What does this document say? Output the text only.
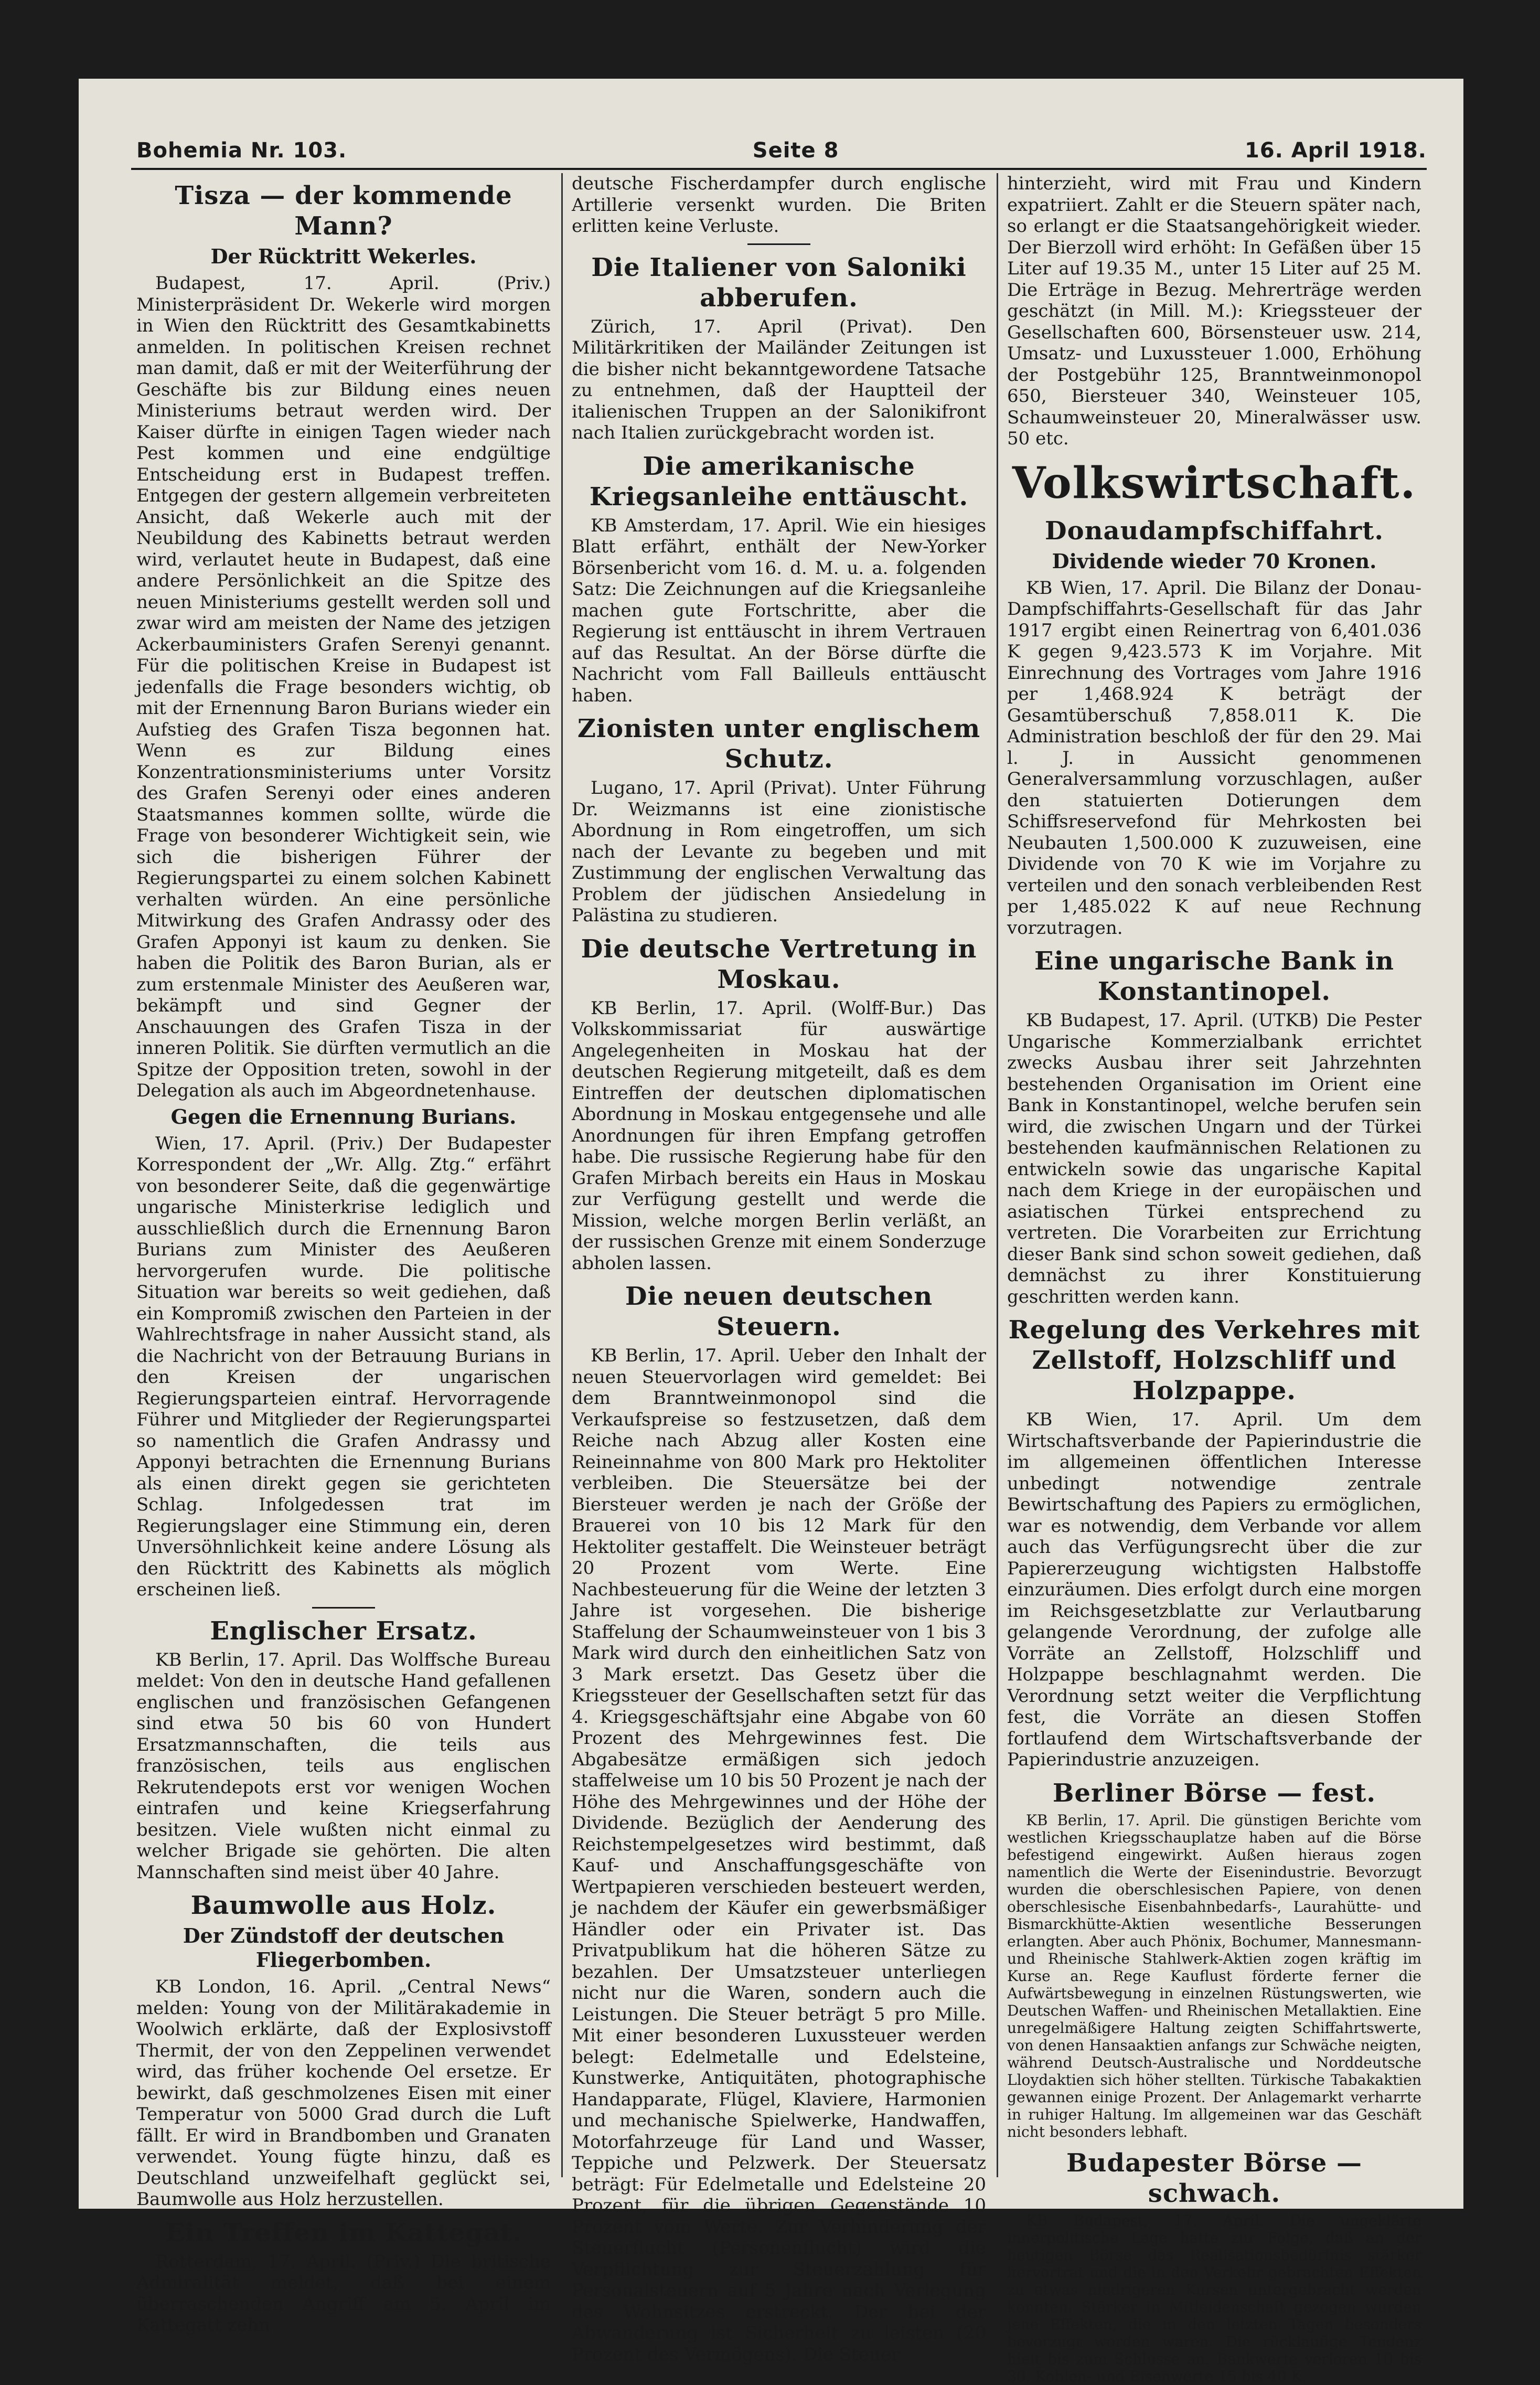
Bohemia Nr. 103.	Seite 8	16. April 1918.
Tisza — der kommende Mann?
Der Rücktritt Wekerles.

Budapest, 17. April. (Priv.) Ministerpräsident Dr. Wekerle wird morgen in Wien den Rücktritt des Gesamtkabinetts anmelden. In politischen Kreisen rechnet man damit, daß er mit der Weiterführung der Geschäfte bis zur Bildung eines neuen Ministeriums betraut werden wird. Der Kaiser dürfte in einigen Tagen wieder nach Pest kommen und eine endgültige Entscheidung erst in Budapest treffen. Entgegen der gestern allgemein verbreiteten Ansicht, daß Wekerle auch mit der Neubildung des Kabinetts betraut werden wird, verlautet heute in Budapest, daß eine andere Persönlichkeit an die Spitze des neuen Ministeriums gestellt werden soll und zwar wird am meisten der Name des jetzigen Ackerbauministers Grafen Serenyi genannt. Für die politischen Kreise in Budapest ist jedenfalls die Frage besonders wichtig, ob mit der Ernennung Baron Burians wieder ein Aufstieg des Grafen Tisza begonnen hat. Wenn es zur Bildung eines Konzentrationsministeriums unter Vorsitz des Grafen Serenyi oder eines anderen Staatsmannes kommen sollte, würde die Frage von besonderer Wichtigkeit sein, wie sich die bisherigen Führer der Regierungspartei zu einem solchen Kabinett verhalten würden. An eine persönliche Mitwirkung des Grafen Andrassy oder des Grafen Apponyi ist kaum zu denken. Sie haben die Politik des Baron Burian, als er zum erstenmale Minister des Aeußeren war, bekämpft und sind Gegner der Anschauungen des Grafen Tisza in der inneren Politik. Sie dürften vermutlich an die Spitze der Opposition treten, sowohl in der Delegation als auch im Abgeordnetenhause.

Gegen die Ernennung Burians.

Wien, 17. April. (Priv.) Der Budapester Korrespondent der „Wr. Allg. Ztg.“ erfährt von besonderer Seite, daß die gegenwärtige ungarische Ministerkrise lediglich und ausschließlich durch die Ernennung Baron Burians zum Minister des Aeußeren hervorgerufen wurde. Die politische Situation war bereits so weit gediehen, daß ein Kompromiß zwischen den Parteien in der Wahlrechtsfrage in naher Aussicht stand, als die Nachricht von der Betrauung Burians in den Kreisen der ungarischen Regierungsparteien eintraf. Hervorragende Führer und Mitglieder der Regierungspartei so namentlich die Grafen Andrassy und Apponyi betrachten die Ernennung Burians als einen direkt gegen sie gerichteten Schlag. Infolgedessen trat im Regierungslager eine Stimmung ein, deren Unversöhnlichkeit keine andere Lösung als den Rücktritt des Kabinetts als möglich erscheinen ließ.

Englischer Ersatz.

KB Berlin, 17. April. Das Wolffsche Bureau meldet: Von den in deutsche Hand gefallenen englischen und französischen Gefangenen sind etwa 50 bis 60 von Hundert Ersatzmannschaften, die teils aus französischen, teils aus englischen Rekrutendepots erst vor wenigen Wochen eintrafen und keine Kriegserfahrung besitzen. Viele wußten nicht einmal zu welcher Brigade sie gehörten. Die alten Mannschaften sind meist über 40 Jahre.

Baumwolle aus Holz.
Der Zündstoff der deutschen Fliegerbomben.

KB London, 16. April. „Central News“ melden: Young von der Militärakademie in Woolwich erklärte, daß der Explosivstoff Thermit, der von den Zeppelinen verwendet wird, das früher kochende Oel ersetze. Er bewirkt, daß geschmolzenes Eisen mit einer Temperatur von 5000 Grad durch die Luft fällt. Er wird in Brandbomben und Granaten verwendet. Young fügte hinzu, daß es Deutschland unzweifelhaft geglückt sei, Baumwolle aus Holz herzustellen.

Ein Treffen im Kattegat.

Rotterdam, 17. April. (Priv.) Die britische Admiralität meldet, daß bei einem überraschenden Angriff am 5. April im Kattegatt zehn

deutsche Fischerdampfer durch englische Artillerie versenkt wurden. Die Briten erlitten keine Verluste.

Die Italiener von Saloniki abberufen.

Zürich, 17. April (Privat). Den Militärkritiken der Mailänder Zeitungen ist die bisher nicht bekanntgewordene Tatsache zu entnehmen, daß der Hauptteil der italienischen Truppen an der Salonikifront nach Italien zurückgebracht worden ist.

Die amerikanische Kriegsanleihe enttäuscht.

KB Amsterdam, 17. April. Wie ein hiesiges Blatt erfährt, enthält der New-Yorker Börsenbericht vom 16. d. M. u. a. folgenden Satz: Die Zeichnungen auf die Kriegsanleihe machen gute Fortschritte, aber die Regierung ist enttäuscht in ihrem Vertrauen auf das Resultat. An der Börse dürfte die Nachricht vom Fall Bailleuls enttäuscht haben.

Zionisten unter englischem Schutz.

Lugano, 17. April (Privat). Unter Führung Dr. Weizmanns ist eine zionistische Abordnung in Rom eingetroffen, um sich nach der Levante zu begeben und mit Zustimmung der englischen Verwaltung das Problem der jüdischen Ansiedelung in Palästina zu studieren.

Die deutsche Vertretung in Moskau.

KB Berlin, 17. April. (Wolff-Bur.) Das Volkskommissariat für auswärtige Angelegenheiten in Moskau hat der deutschen Regierung mitgeteilt, daß es dem Eintreffen der deutschen diplomatischen Abordnung in Moskau entgegensehe und alle Anordnungen für ihren Empfang getroffen habe. Die russische Regierung habe für den Grafen Mirbach bereits ein Haus in Moskau zur Verfügung gestellt und werde die Mission, welche morgen Berlin verläßt, an der russischen Grenze mit einem Sonderzuge abholen lassen.

Die neuen deutschen Steuern.

KB Berlin, 17. April. Ueber den Inhalt der neuen Steuervorlagen wird gemeldet: Bei dem Branntweinmonopol sind die Verkaufspreise so festzusetzen, daß dem Reiche nach Abzug aller Kosten eine Reineinnahme von 800 Mark pro Hektoliter verbleiben. Die Steuersätze bei der Biersteuer werden je nach der Größe der Brauerei von 10 bis 12 Mark für den Hektoliter gestaffelt. Die Weinsteuer beträgt 20 Prozent vom Werte. Eine Nachbesteuerung für die Weine der letzten 3 Jahre ist vorgesehen. Die bisherige Staffelung der Schaumweinsteuer von 1 bis 3 Mark wird durch den einheitlichen Satz von 3 Mark ersetzt. Das Gesetz über die Kriegssteuer der Gesellschaften setzt für das 4. Kriegsgeschäftsjahr eine Abgabe von 60 Prozent des Mehrgewinnes fest. Die Abgabesätze ermäßigen sich jedoch staffelweise um 10 bis 50 Prozent je nach der Höhe des Mehrgewinnes und der Höhe der Dividende. Bezüglich der Aenderung des Reichstempelgesetzes wird bestimmt, daß Kauf- und Anschaffungsgeschäfte von Wertpapieren verschieden besteuert werden, je nachdem der Käufer ein gewerbsmäßiger Händler oder ein Privater ist. Das Privatpublikum hat die höheren Sätze zu bezahlen. Der Umsatzsteuer unterliegen nicht nur die Waren, sondern auch die Leistungen. Die Steuer beträgt 5 pro Mille. Mit einer besonderen Luxussteuer werden belegt: Edelmetalle und Edelsteine, Kunstwerke, Antiquitäten, photographische Handapparate, Flügel, Klaviere, Harmonien und mechanische Spielwerke, Handwaffen, Motorfahrzeuge für Land und Wasser, Teppiche und Pelzwerk. Der Steuersatz beträgt: Für Edelmetalle und Edelsteine 20 Prozent, für die übrigen Gegenstände 10 Prozent vom Werte. Zur Verhinderung der Steuerflucht (Personenflucht) wird die Verpflichtung zur Steuerzahlung für Personalsteuern auf 5 Jahre nach Verlegung des Wohnsitzes erstreckt. Der bei der Abwanderung ist Sicherheit zu leisten (20 Prozent des Vermögens). Die Steuer

hinterzieht, wird mit Frau und Kindern expatriiert. Zahlt er die Steuern später nach, so erlangt er die Staatsangehörigkeit wieder. Der Bierzoll wird erhöht: In Gefäßen über 15 Liter auf 19.35 M., unter 15 Liter auf 25 M. Die Erträge in Bezug. Mehrerträge werden geschätzt (in Mill. M.): Kriegssteuer der Gesellschaften 600, Börsensteuer usw. 214, Umsatz- und Luxussteuer 1.000, Erhöhung der Postgebühr 125, Branntweinmonopol 650, Biersteuer 340, Weinsteuer 105, Schaumweinsteuer 20, Mineralwässer usw. 50 etc.

Volkswirtschaft.
Donaudampfschiffahrt.
Dividende wieder 70 Kronen.

KB Wien, 17. April. Die Bilanz der Donau-Dampfschiffahrts-Gesellschaft für das Jahr 1917 ergibt einen Reinertrag von 6,401.036 K gegen 9,423.573 K im Vorjahre. Mit Einrechnung des Vortrages vom Jahre 1916 per 1,468.924 K beträgt der Gesamtüberschuß 7,858.011 K. Die Administration beschloß der für den 29. Mai l. J. in Aussicht genommenen Generalversammlung vorzuschlagen, außer den statuierten Dotierungen dem Schiffsreservefond für Mehrkosten bei Neubauten 1,500.000 K zuzuweisen, eine Dividende von 70 K wie im Vorjahre zu verteilen und den sonach verbleibenden Rest per 1,485.022 K auf neue Rechnung vorzutragen.

Eine ungarische Bank in Konstantinopel.

KB Budapest, 17. April. (UTKB) Die Pester Ungarische Kommerzialbank errichtet zwecks Ausbau ihrer seit Jahrzehnten bestehenden Organisation im Orient eine Bank in Konstantinopel, welche berufen sein wird, die zwischen Ungarn und der Türkei bestehenden kaufmännischen Relationen zu entwickeln sowie das ungarische Kapital nach dem Kriege in der europäischen und asiatischen Türkei entsprechend zu vertreten. Die Vorarbeiten zur Errichtung dieser Bank sind schon soweit gediehen, daß demnächst zu ihrer Konstituierung geschritten werden kann.

Regelung des Verkehres mit Zellstoff, Holzschliff und Holzpappe.

KB Wien, 17. April. Um dem Wirtschaftsverbande der Papierindustrie die im allgemeinen öffentlichen Interesse unbedingt notwendige zentrale Bewirtschaftung des Papiers zu ermöglichen, war es notwendig, dem Verbande vor allem auch das Verfügungsrecht über die zur Papiererzeugung wichtigsten Halbstoffe einzuräumen. Dies erfolgt durch eine morgen im Reichsgesetzblatte zur Verlautbarung gelangende Verordnung, der zufolge alle Vorräte an Zellstoff, Holzschliff und Holzpappe beschlagnahmt werden. Die Verordnung setzt weiter die Verpflichtung fest, die Vorräte an diesen Stoffen fortlaufend dem Wirtschaftsverbande der Papierindustrie anzuzeigen.

Berliner Börse — fest.

KB Berlin, 17. April. Die günstigen Berichte vom westlichen Kriegsschauplatze haben auf die Börse befestigend eingewirkt. Außen hieraus zogen namentlich die Werte der Eisenindustrie. Bevorzugt wurden die oberschlesischen Papiere, von denen oberschlesische Eisenbahnbedarfs-, Laurahütte- und Bismarckhütte-Aktien wesentliche Besserungen erlangten. Aber auch Phönix, Bochumer, Mannesmann- und Rheinische Stahlwerk-Aktien zogen kräftig im Kurse an. Rege Kauflust förderte ferner die Aufwärtsbewegung in einzelnen Rüstungswerten, wie Deutschen Waffen- und Rheinischen Metallaktien. Eine unregelmäßigere Haltung zeigten Schiffahrtswerte, von denen Hansaaktien anfangs zur Schwäche neigten, während Deutsch-Australische und Norddeutsche Lloydaktien sich höher stellten. Türkische Tabakaktien gewannen einige Prozent. Der Anlagemarkt verharrte in ruhiger Haltung. Im allgemeinen war das Geschäft nicht besonders lebhaft.

Budapester Börse — schwach.

KB Budapest, 17. April. Die ungeklärte innerpolitische Lage hatte zur Folge, daß an der heutigen Börse das Realisationsbedürfnis stärker hervortrat und die in den Verkehr gebrachten Effekten zu etwas niedrigeren Kursen untergebracht werden konnten. Stärker in Mitleidenschaft gezogen wurden jene Effekten, die in den letzten Tagen besonders bevorzugt worden waren. Die rückläufige Tendenz hielt bis zum Schlusse an. Bankwerte verloren 10 bis 30, Kohlen- und Eisenwerte 15 bis 40 K.
